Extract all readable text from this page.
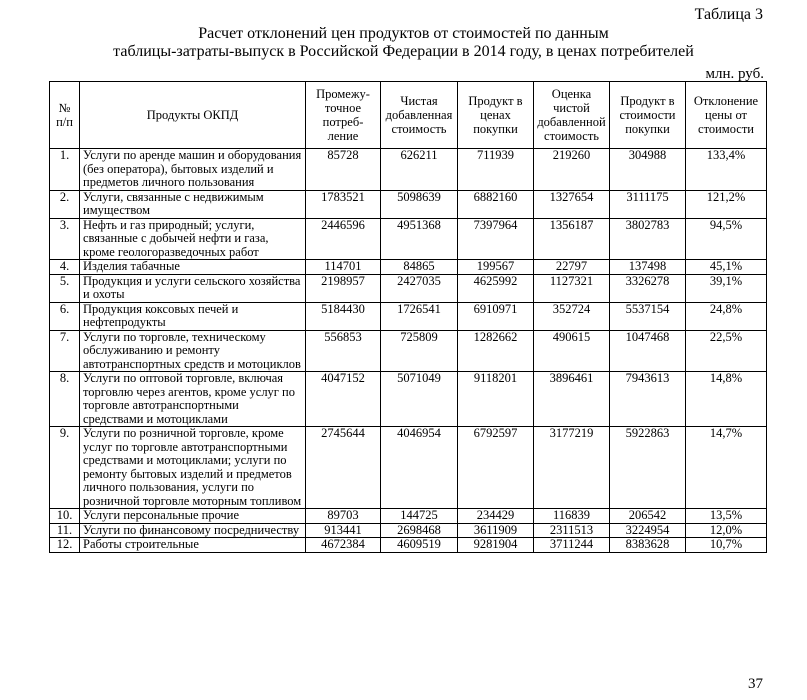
Таблица 3
Расчет отклонений цен продуктов от стоимостей по данным
таблицы-затраты-выпуск в Российской Федерации в 2014 году, в ценах потребителей
млн. руб.
№ п/п	Продукты ОКПД	Промежу-точное потреб-ление	Чистая добавленная стоимость	Продукт в ценах покупки	Оценка чистой добавленной стоимость	Продукт в стоимости покупки	Отклонение цены от стоимости
1.	Услуги по аренде машин и оборудования (без оператора), бытовых изделий и предметов личного пользования	85728	626211	711939	219260	304988	133,4%
2.	Услуги, связанные с недвижимым имуществом	1783521	5098639	6882160	1327654	3111175	121,2%
3.	Нефть и газ природный; услуги, связанные с добычей нефти и газа, кроме геологоразведочных работ	2446596	4951368	7397964	1356187	3802783	94,5%
4.	Изделия табачные	114701	84865	199567	22797	137498	45,1%
5.	Продукция и услуги сельского хозяйства и охоты	2198957	2427035	4625992	1127321	3326278	39,1%
6.	Продукция коксовых печей и нефтепродукты	5184430	1726541	6910971	352724	5537154	24,8%
7.	Услуги по торговле, техническому обслуживанию и ремонту автотранспортных средств и мотоциклов	556853	725809	1282662	490615	1047468	22,5%
8.	Услуги по оптовой торговле, включая торговлю через агентов, кроме услуг по торговле автотранспортными средствами и мотоциклами	4047152	5071049	9118201	3896461	7943613	14,8%
9.	Услуги по розничной торговле, кроме услуг по торговле автотранспортными средствами и мотоциклами; услуги по ремонту бытовых изделий и предметов личного пользования, услуги по розничной торговле моторным топливом	2745644	4046954	6792597	3177219	5922863	14,7%
10.	Услуги персональные прочие	89703	144725	234429	116839	206542	13,5%
11.	Услуги по финансовому посредничеству	913441	2698468	3611909	2311513	3224954	12,0%
12.	Работы строительные	4672384	4609519	9281904	3711244	8383628	10,7%
37
